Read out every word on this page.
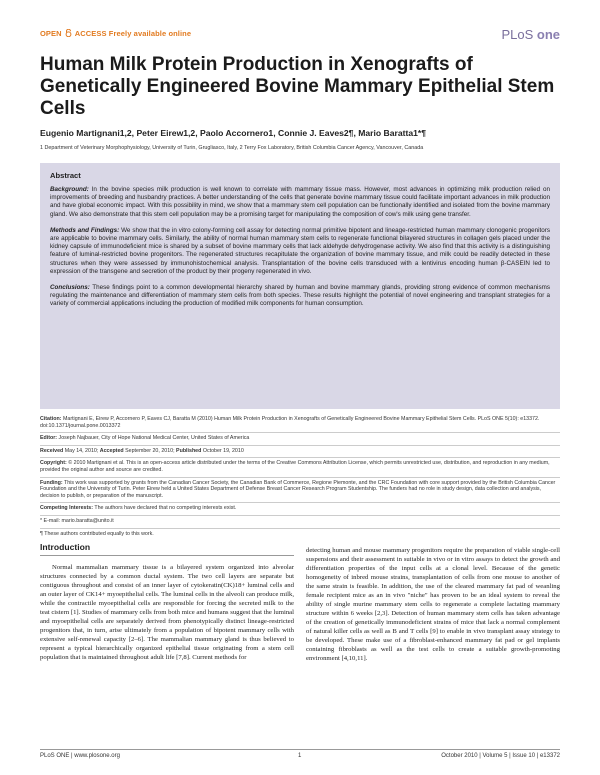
OPEN ACCESS Freely available online	PLoS one
Human Milk Protein Production in Xenografts of Genetically Engineered Bovine Mammary Epithelial Stem Cells
Eugenio Martignani1,2, Peter Eirew1,2, Paolo Accornero1, Connie J. Eaves2¶, Mario Baratta1*¶
1 Department of Veterinary Morphophysiology, University of Turin, Grugliasco, Italy, 2 Terry Fox Laboratory, British Columbia Cancer Agency, Vancouver, Canada
Abstract

Background: In the bovine species milk production is well known to correlate with mammary tissue mass. However, most advances in optimizing milk production relied on improvements of breeding and husbandry practices. A better understanding of the cells that generate bovine mammary tissue could facilitate important advances in milk production and have global economic impact. With this possibility in mind, we show that a mammary stem cell population can be functionally identified and isolated from the bovine mammary gland. We also demonstrate that this stem cell population may be a promising target for manipulating the composition of cow's milk using gene transfer.

Methods and Findings: We show that the in vitro colony-forming cell assay for detecting normal primitive bipotent and lineage-restricted human mammary clonogenic progenitors are applicable to bovine mammary cells. Similarly, the ability of normal human mammary stem cells to regenerate functional bilayered structures in collagen gels placed under the kidney capsule of immunodeficient mice is shared by a subset of bovine mammary cells that lack aldehyde dehydrogenase activity. We also find that this activity is a distinguishing feature of luminal-restricted bovine progenitors. The regenerated structures recapitulate the organization of bovine mammary tissue, and milk could be readily detected in these structures when they were assessed by immunohistochemical analysis. Transplantation of the bovine cells transduced with a lentivirus encoding human β-CASEIN led to expression of the transgene and secretion of the product by their progeny regenerated in vivo.

Conclusions: These findings point to a common developmental hierarchy shared by human and bovine mammary glands, providing strong evidence of common mechanisms regulating the maintenance and differentiation of mammary stem cells from both species. These results highlight the potential of novel engineering and transplant strategies for a variety of commercial applications including the production of modified milk components for human consumption.

Citation: Martignani E, Eirew P, Accornero P, Eaves CJ, Baratta M (2010) Human Milk Protein Production in Xenografts of Genetically Engineered Bovine Mammary Epithelial Stem Cells. PLoS ONE 5(10): e13372. doi:10.1371/journal.pone.0013372
Editor: Joseph Najbauer, City of Hope National Medical Center, United States of America
Received May 14, 2010; Accepted September 20, 2010; Published October 19, 2010
Copyright: © 2010 Martignani et al. This is an open-access article distributed under the terms of the Creative Commons Attribution License, which permits unrestricted use, distribution, and reproduction in any medium, provided the original author and source are credited.
Funding: This work was supported by grants from the Canadian Cancer Society, the Canadian Bank of Commerce, Regione Piemonte, and the CRC Foundation with core support provided by the British Columbia Cancer Foundation and the University of Turin. Peter Eirew held a United States Department of Defense Breast Cancer Research Program Studentship. The funders had no role in study design, data collection and analysis, decision to publish, or preparation of the manuscript.
Competing Interests: The authors have declared that no competing interests exist.
* E-mail: mario.baratta@unito.it
¶ These authors contributed equally to this work.
Introduction

Normal mammalian mammary tissue is a bilayered system organized into alveolar structures connected by a common ductal system. The two cell layers are separate but contiguous throughout and consist of an inner layer of cytokeratin(CK)18+ luminal cells and an outer layer of CK14+ myoepithelial cells. The luminal cells in the alveoli can produce milk, while the contractile myoepithelial cells are responsible for forcing the secreted milk to the teat cistern [1]. Studies of mammary cells from both mice and humans suggest that the luminal and myoepithelial cells are separately derived from phenotypically distinct lineage-restricted progenitors that, in turn, arise ultimately from a population of bipotent mammary cells with extensive self-renewal capacity [2–6]. The mammalian mammary gland is thus believed to represent a typical hierarchically organized epithelial tissue originating from a stem cell population that is maintained throughout adult life [7,8]. Current methods for

detecting human and mouse mammary progenitors require the preparation of viable single-cell suspensions and their assessment in suitable in vivo or in vitro assays to detect the growth and differentiation properties of the input cells at a clonal level. Because of the genetic homogeneity of inbred mouse strains, transplantation of cells from one mouse to another of the same strain is feasible. In addition, the use of the cleared mammary fat pad of weanling female recipient mice as an in vivo "niche" has proven to be an ideal system to reveal the ability of single murine mammary stem cells to regenerate a complete lactating mammary structure within 6 weeks [2,3]. Detection of human mammary stem cells has taken advantage of the creation of genetically immunodeficient strains of mice that lack a normal complement of natural killer cells as well as B and T cells [9] to enable in vivo transplant assay strategy to be developed. These make use of a fibroblast-enhanced mammary fat pad or gel implants containing fibroblasts as well as the test cells to create a suitable growth-promoting environment [4,10,11].

PLoS ONE | www.plosone.org	1	October 2010 | Volume 5 | Issue 10 | e13372
